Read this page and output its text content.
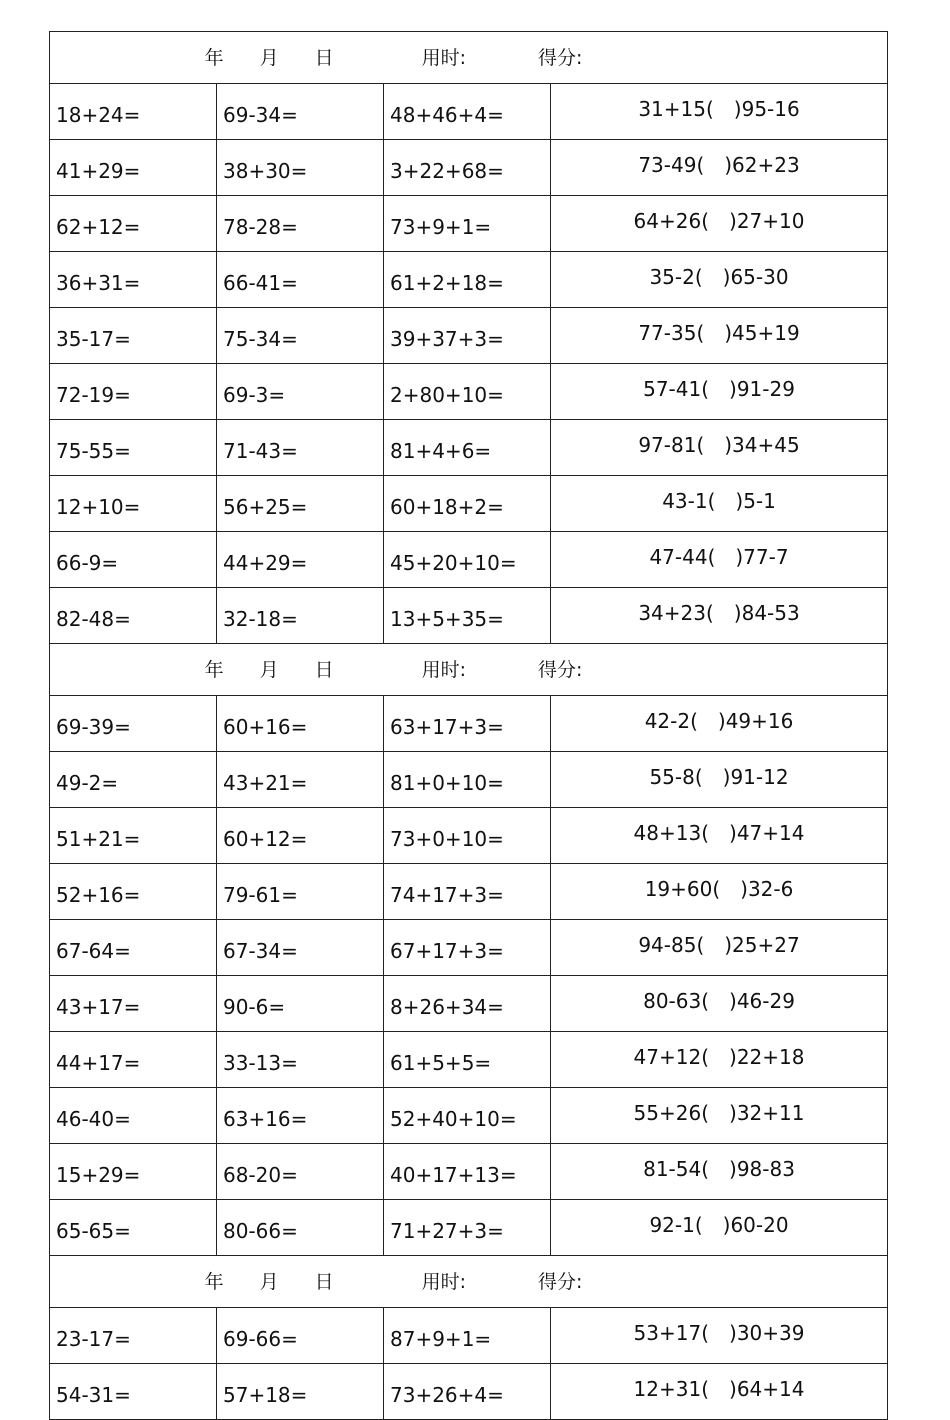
年 月 日 用时: 得分:			
18+24=	69-34=	48+46+4=	31+15( )95-16
41+29=	38+30=	3+22+68=	73-49( )62+23
62+12=	78-28=	73+9+1=	64+26( )27+10
36+31=	66-41=	61+2+18=	35-2( )65-30
35-17=	75-34=	39+37+3=	77-35( )45+19
72-19=	69-3=	2+80+10=	57-41( )91-29
75-55=	71-43=	81+4+6=	97-81( )34+45
12+10=	56+25=	60+18+2=	43-1( )5-1
66-9=	44+29=	45+20+10=	47-44( )77-7
82-48=	32-18=	13+5+35=	34+23( )84-53
年 月 日 用时: 得分:			
69-39=	60+16=	63+17+3=	42-2( )49+16
49-2=	43+21=	81+0+10=	55-8( )91-12
51+21=	60+12=	73+0+10=	48+13( )47+14
52+16=	79-61=	74+17+3=	19+60( )32-6
67-64=	67-34=	67+17+3=	94-85( )25+27
43+17=	90-6=	8+26+34=	80-63( )46-29
44+17=	33-13=	61+5+5=	47+12( )22+18
46-40=	63+16=	52+40+10=	55+26( )32+11
15+29=	68-20=	40+17+13=	81-54( )98-83
65-65=	80-66=	71+27+3=	92-1( )60-20
年 月 日 用时: 得分:			
23-17=	69-66=	87+9+1=	53+17( )30+39
54-31=	57+18=	73+26+4=	12+31( )64+14
